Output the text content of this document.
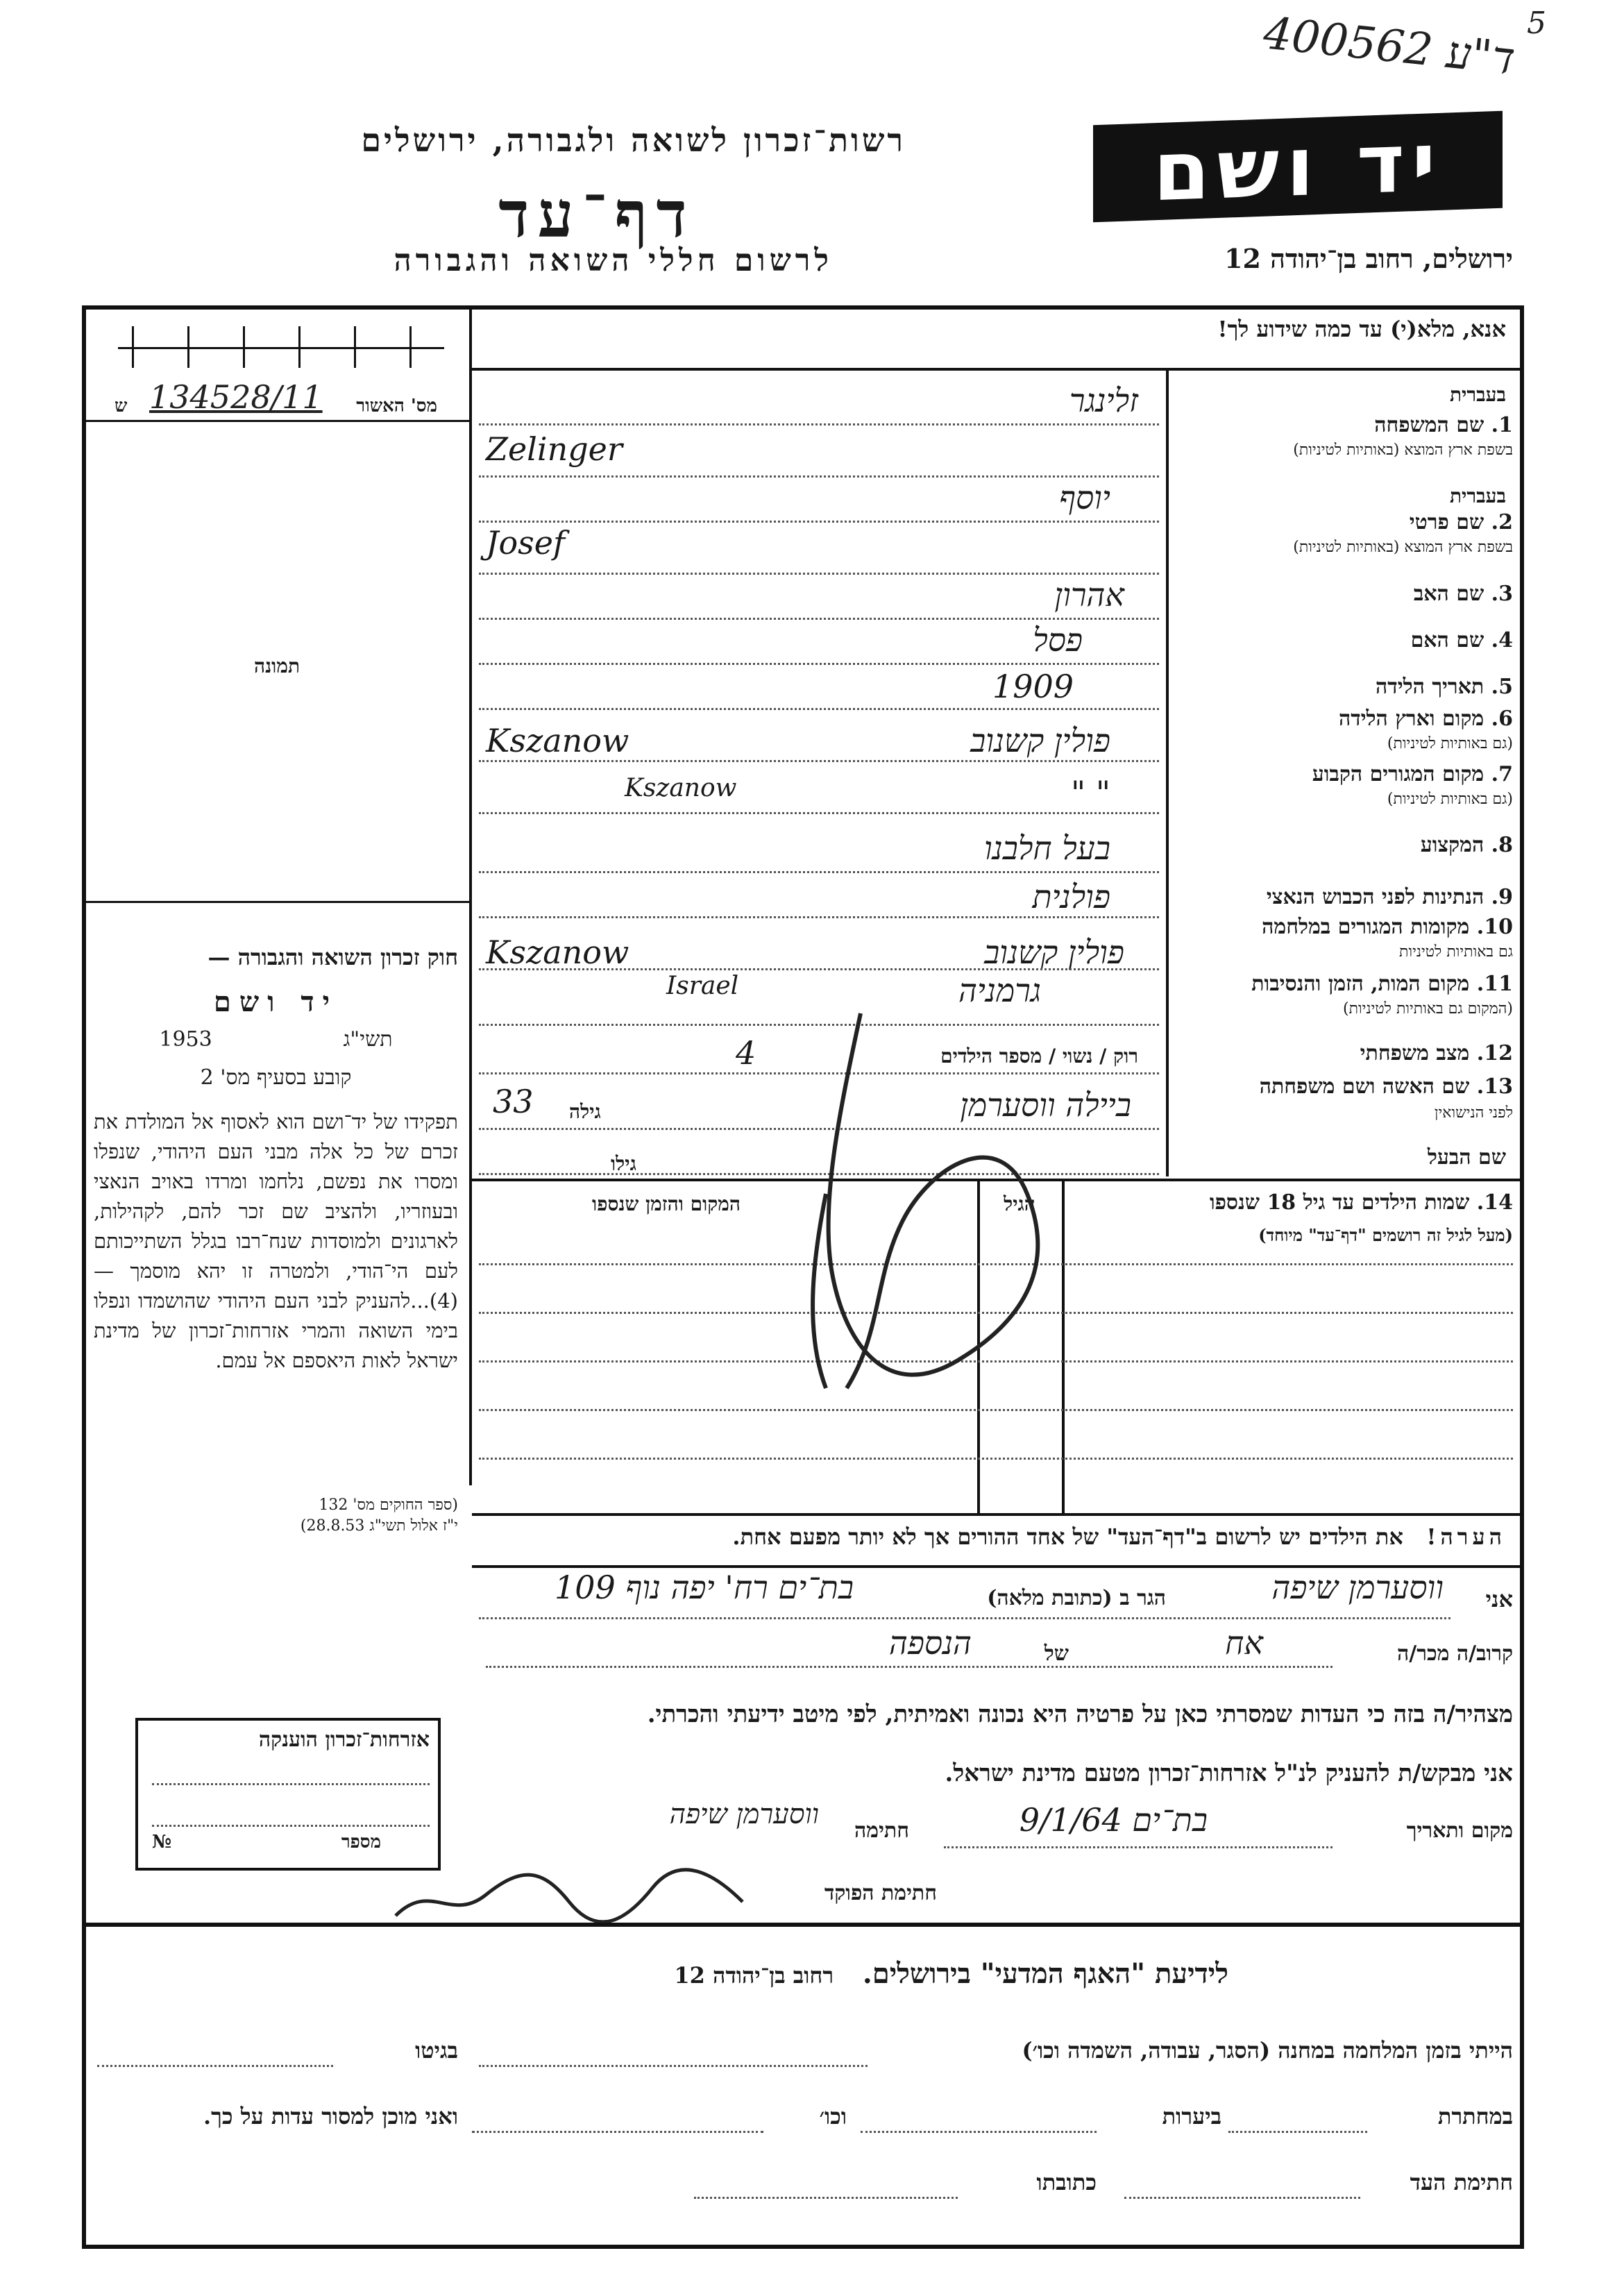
400562 ד"ע
5
יד ושם
ירושלים, רחוב בן־יהודה 12
רשות־זכרון לשואה ולגבורה, ירושלים
דף־עד
לרשום חללי השואה והגבורה
אנא, מלא(י) עד כמה שידוע לך!
מס' האשור
134528/11
ש
תמונה
חוק זכרון השואה והגבורה —
יד ושם
1953	תשי"ג
קובע בסעיף מס' 2
תפקידו של יד־ושם הוא לאסוף אל המולדת את זכרם של כל אלה מבני העם היהודי, שנפלו ומסרו את נפשם, נלחמו ומרדו באויב הנאצי ובעוזריו, ולהציב שם זכר להם, לקהילות, לארגונים ולמוסדות שנח־רבו בגלל השתייכותם לעם הי־הודי, ולמטרה זו יהא מוסמך — (4)...להעניק לבני העם היהודי שהושמדו ונפלו בימי השואה והמרי אזרחות־זכרון של מדינת ישראל לאות היאספם אל עמם.
(ספר החוקים מס' 132
י"ז אלול תשי"ג 28.8.53)
בעברית
1. שם המשפחה
בשפת ארץ המוצא (באותיות לטיניות)
זלינגר
Zelinger
בעברית
2. שם פרטי
בשפת ארץ המוצא (באותיות לטיניות)
יוסף
Josef
3. שם האב
אהרון
4. שם האם
פסל
5. תאריך הלידה
1909
6. מקום וארץ הלידה
(גם באותיות לטיניות)
פולין קשנוב
Kszanow
7. מקום המגורים הקבוע
(גם באותיות לטיניות)
" "
Kszanow
8. המקצוע
בעל חלבנו
9. הנתינות לפני הכבוש הנאצי
פולנית
10. מקומות המגורים במלחמה
גם באותיות לטיניות
פולין קשנוב
Kszanow
11. מקום המות, הזמן והנסיבות
(המקום גם באותיות לטיניות)
גרמניה
Israel
12. מצב משפחתי
רוק / נשוי / מספר הילדים
4
13. שם האשה ושם משפחתה
לפני הנישואין
ביילה ווסערמן
גילה
33
שם הבעל
גילו
14. שמות הילדים עד גיל 18 שנספו
(מעל לגיל זה רושמים "דף־עד" מיוחד)
הגיל
המקום והזמן שנספו
הערה!   את הילדים יש לרשום ב"דף־העד" של אחד ההורים אך לא יותר מפעם אחת.
אני
ווסערמן שיפה
הגר ב (כתובת מלאה)
בת־ים רח' יפה נוף 109
קרוב/ה מכר/ה
אח
של
הנספה
מצהיר/ה בזה כי העדות שמסרתי כאן על פרטיה היא נכונה ואמיתית, לפי מיטב ידיעתי והכרתי.
אני מבקש/ת להעניק לנ"ל אזרחות־זכרון מטעם מדינת ישראל.
מקום ותאריך
בת־ים 9/1/64
חתימה
ווסערמן שיפה
חתימת הפוקד
אזרחות־זכרון הוענקה
מספר
№
לידיעת "האגף המדעי" בירושלים.   רחוב בן־יהודה 12
הייתי בזמן המלחמה במחנה (הסגר, עבודה, השמדה וכו׳)
בגיטו
במחתרת
ביערות
וכו׳
ואני מוכן למסור עדות על כך.
חתימת העד
כתובתו
